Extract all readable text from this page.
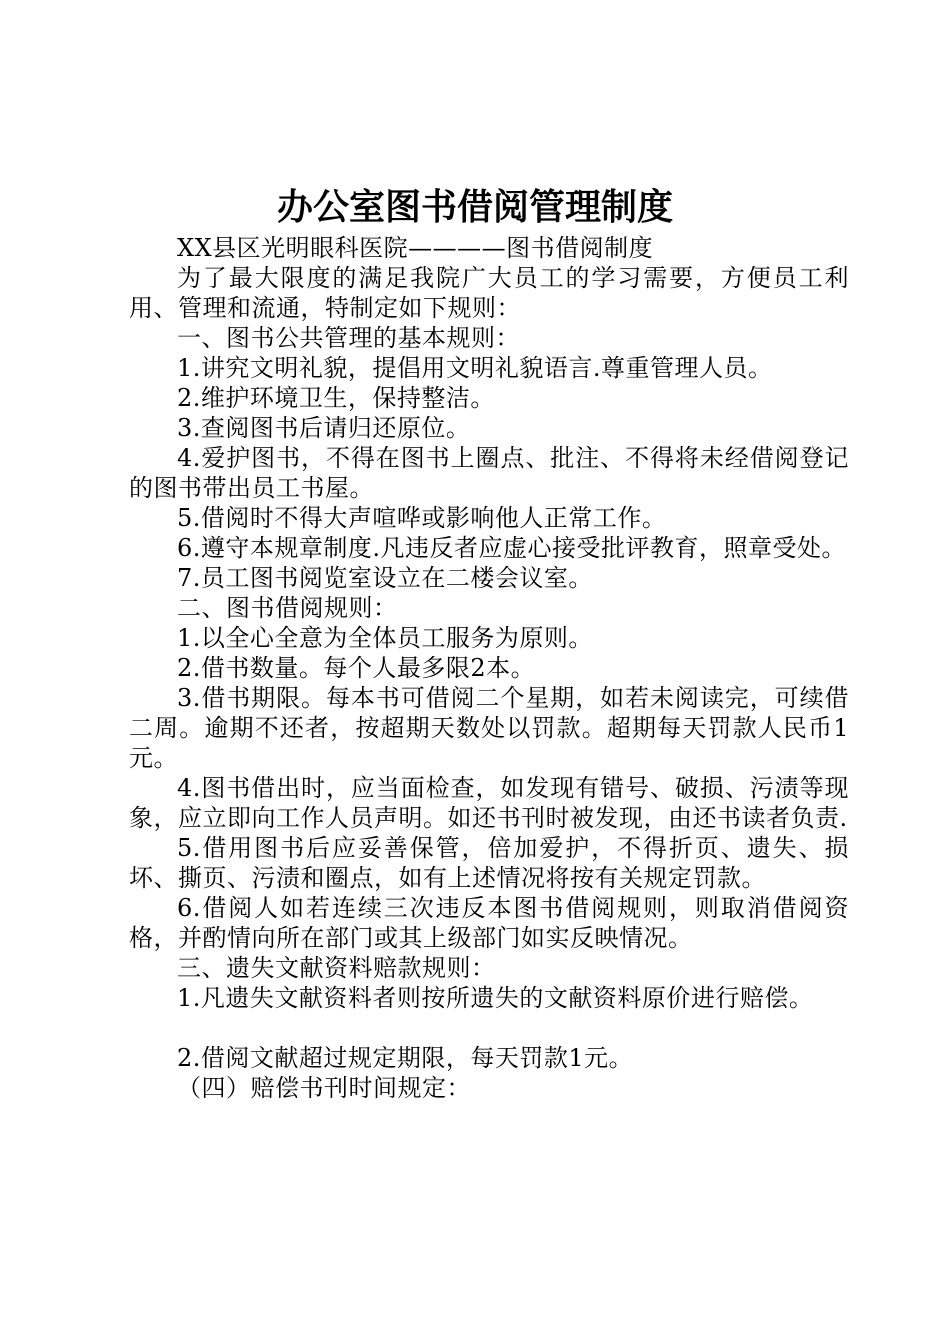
办公室图书借阅管理制度

XX县区光明眼科医院————图书借阅制度

为了最大限度的满足我院广大员工的学习需要，方便员工利用、管理和流通，特制定如下规则：

一、图书公共管理的基本规则：

1.讲究文明礼貌，提倡用文明礼貌语言.尊重管理人员。

2.维护环境卫生，保持整洁。

3.查阅图书后请归还原位。

4.爱护图书，不得在图书上圈点、批注、不得将未经借阅登记的图书带出员工书屋。

5.借阅时不得大声喧哗或影响他人正常工作。

6.遵守本规章制度.凡违反者应虚心接受批评教育，照章受处。

7.员工图书阅览室设立在二楼会议室。

二、图书借阅规则：

1.以全心全意为全体员工服务为原则。

2.借书数量。每个人最多限2本。

3.借书期限。每本书可借阅二个星期，如若未阅读完，可续借二周。逾期不还者，按超期天数处以罚款。超期每天罚款人民币1元。

4.图书借出时，应当面检查，如发现有错号、破损、污渍等现象，应立即向工作人员声明。如还书刊时被发现，由还书读者负责.

5.借用图书后应妥善保管，倍加爱护，不得折页、遗失、损坏、撕页、污渍和圈点，如有上述情况将按有关规定罚款。

6.借阅人如若连续三次违反本图书借阅规则，则取消借阅资格，并酌情向所在部门或其上级部门如实反映情况。

三、遗失文献资料赔款规则：

1.凡遗失文献资料者则按所遗失的文献资料原价进行赔偿。

2.借阅文献超过规定期限，每天罚款1元。

（四）赔偿书刊时间规定：
